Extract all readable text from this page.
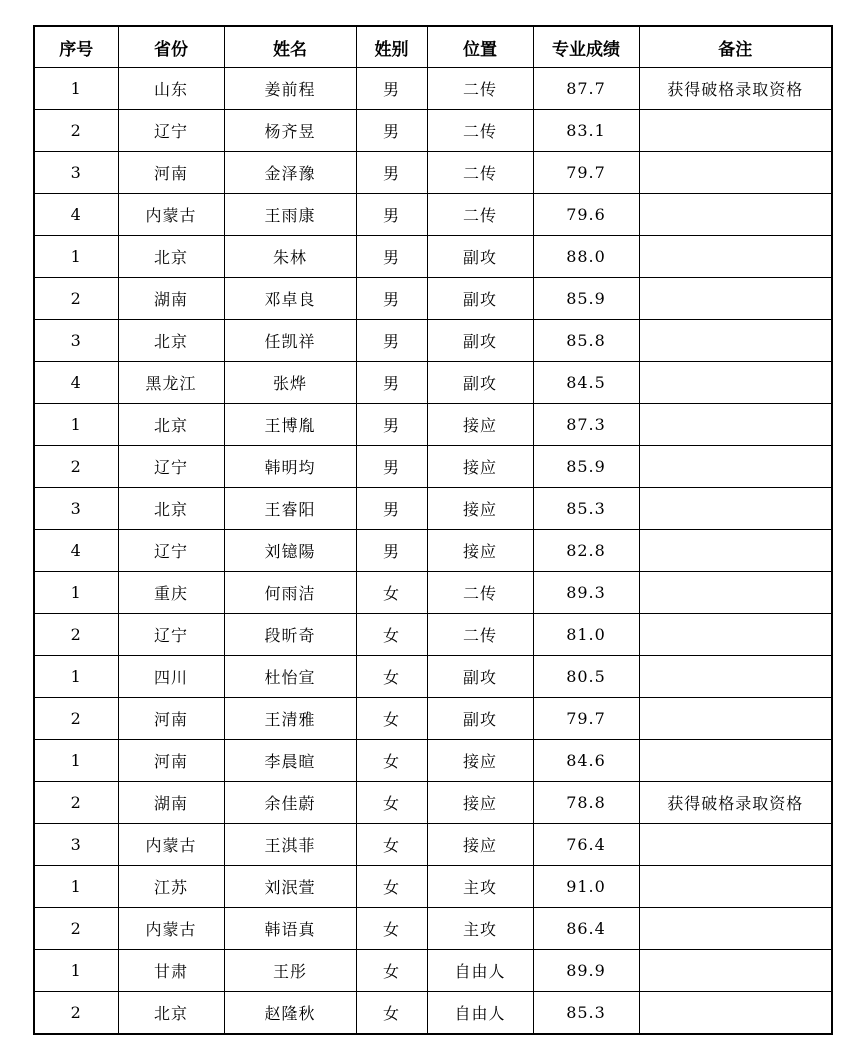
序号	省份	姓名	姓别	位置	专业成绩	备注
1	山东	姜前程	男	二传	87.7	获得破格录取资格
2	辽宁	杨齐昱	男	二传	83.1	
3	河南	金泽豫	男	二传	79.7	
4	内蒙古	王雨康	男	二传	79.6	
1	北京	朱林	男	副攻	88.0	
2	湖南	邓卓良	男	副攻	85.9	
3	北京	任凯祥	男	副攻	85.8	
4	黑龙江	张烨	男	副攻	84.5	
1	北京	王博胤	男	接应	87.3	
2	辽宁	韩明均	男	接应	85.9	
3	北京	王睿阳	男	接应	85.3	
4	辽宁	刘镱陽	男	接应	82.8	
1	重庆	何雨洁	女	二传	89.3	
2	辽宁	段昕奇	女	二传	81.0	
1	四川	杜怡宣	女	副攻	80.5	
2	河南	王清雅	女	副攻	79.7	
1	河南	李晨暄	女	接应	84.6	
2	湖南	余佳蔚	女	接应	78.8	获得破格录取资格
3	内蒙古	王淇菲	女	接应	76.4	
1	江苏	刘泯萱	女	主攻	91.0	
2	内蒙古	韩语真	女	主攻	86.4	
1	甘肃	王彤	女	自由人	89.9	
2	北京	赵隆秋	女	自由人	85.3	
